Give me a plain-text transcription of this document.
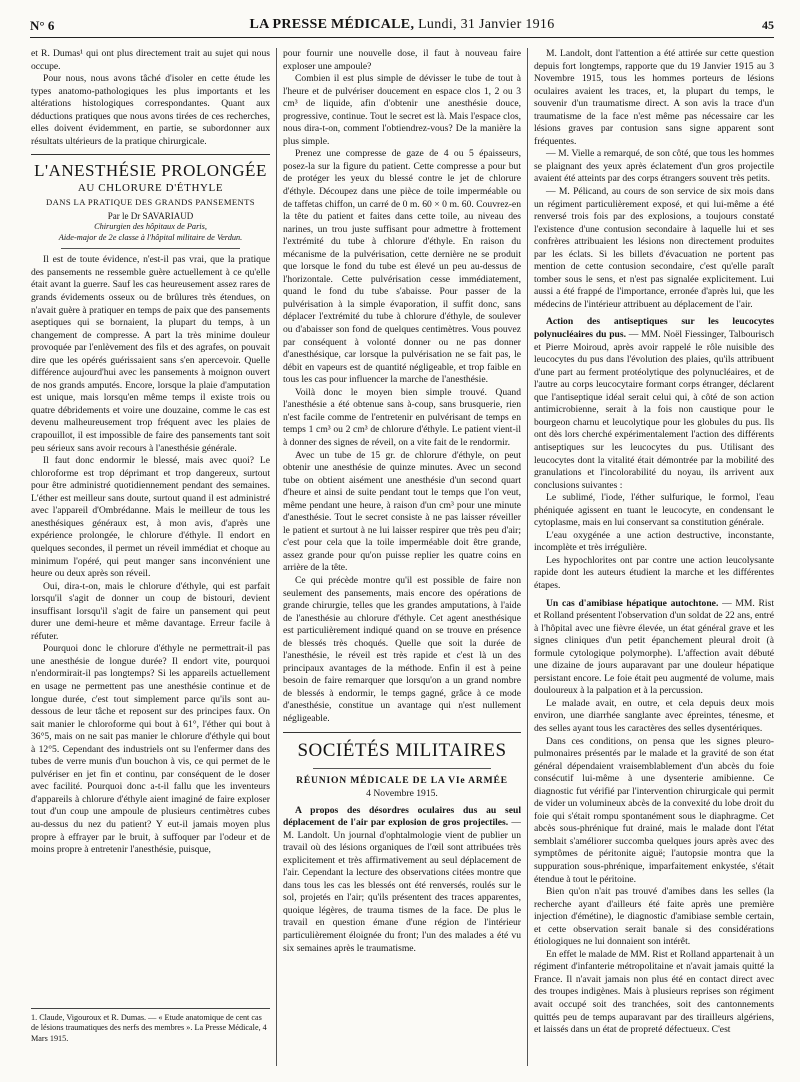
N° 6	LA PRESSE MÉDICALE, Lundi, 31 Janvier 1916	45

et R. Dumas¹ qui ont plus directement trait au sujet qui nous occupe.

Pour nous, nous avons tâché d'isoler en cette étude les types anatomo-pathologiques les plus importants et les altérations histologiques correspondantes. Quant aux déductions pratiques que nous avons tirées de ces recherches, elles doivent évidemment, en partie, se subordonner aux résultats ultérieurs de la pratique chirurgicale.

L'ANESTHÉSIE PROLONGÉE
AU CHLORURE D'ÉTHYLE
DANS LA PRATIQUE DES GRANDS PANSEMENTS
Par le Dr SAVARIAUD
Chirurgien des hôpitaux de Paris,
Aide-major de 2e classe à l'hôpital militaire de Verdun.

Il est de toute évidence, n'est-il pas vrai, que la pratique des pansements ne ressemble guère actuellement à ce qu'elle était avant la guerre. Sauf les cas heureusement assez rares de grands évidements osseux ou de brûlures très étendues, on n'avait guère à pratiquer en temps de paix que des pansements aseptiques qui se bornaient, la plupart du temps, à un changement de compresse. A part la très minime douleur provoquée par l'enlèvement des fils et des agrafes, on pouvait dire que les opérés guérissaient sans s'en apercevoir. Quelle différence aujourd'hui avec les pansements à moignon ouvert de nos grands amputés. Encore, lorsque la plaie d'amputation est unique, mais lorsqu'en même temps il existe trois ou quatre débridements et voire une douzaine, comme le cas est devenu malheureusement trop fréquent avec les plaies de crapouillot, il est impossible de faire des pansements tant soit peu sérieux sans avoir recours à l'anesthésie générale.

Il faut donc endormir le blessé, mais avec quoi? Le chloroforme est trop déprimant et trop dangereux, surtout pour être administré quotidiennement pendant des semaines. L'éther est meilleur sans doute, surtout quand il est administré avec l'appareil d'Ombrédanne. Mais le meilleur de tous les anesthésiques généraux est, à mon avis, d'après une expérience prolongée, le chlorure d'éthyle. Il endort en quelques secondes, il permet un réveil immédiat et choque au minimum l'opéré, qui peut manger sans inconvénient une heure ou deux après son réveil.

Oui, dira-t-on, mais le chlorure d'éthyle, qui est parfait lorsqu'il s'agit de donner un coup de bistouri, devient insuffisant lorsqu'il s'agit de faire un pansement qui peut durer une demi-heure et même davantage. Erreur facile à réfuter.

Pourquoi donc le chlorure d'éthyle ne permettrait-il pas une anesthésie de longue durée? Il endort vite, pourquoi n'endormirait-il pas longtemps? Si les appareils actuellement en usage ne permettent pas une anesthésie continue et de longue durée, c'est tout simplement parce qu'ils sont au-dessous de leur tâche et reposent sur des principes faux. On sait manier le chloroforme qui bout à 61°, l'éther qui bout à 36°5, mais on ne sait pas manier le chlorure d'éthyle qui bout à 12°5. Cependant des industriels ont su l'enfermer dans des tubes de verre munis d'un bouchon à vis, ce qui permet de le pulvériser en jet fin et continu, par conséquent de le doser avec facilité. Pourquoi donc a-t-il fallu que les inventeurs d'appareils à chlorure d'éthyle aient imaginé de faire exploser tout d'un coup une ampoule de plusieurs centimètres cubes au-dessus du nez du patient? Y eut-il jamais moyen plus propre à effrayer par le bruit, à suffoquer par l'odeur et de moins propre à entretenir l'anesthésie, puisque,

1. Claude, Vigouroux et R. Dumas. — « Etude anatomique de cent cas de lésions traumatiques des nerfs des membres ». La Presse Médicale, 4 Mars 1915.

pour fournir une nouvelle dose, il faut à nouveau faire exploser une ampoule?

Combien il est plus simple de dévisser le tube de tout à l'heure et de pulvériser doucement en espace clos 1, 2 ou 3 cm³ de liquide, afin d'obtenir une anesthésie douce, progressive, continue. Tout le secret est là. Mais l'espace clos, nous dira-t-on, comment l'obtiendrez-vous? De la manière la plus simple.

Prenez une compresse de gaze de 4 ou 5 épaisseurs, posez-la sur la figure du patient. Cette compresse a pour but de protéger les yeux du blessé contre le jet de chlorure d'éthyle. Découpez dans une pièce de toile imperméable ou de taffetas chiffon, un carré de 0 m. 60 × 0 m. 60. Couvrez-en la tête du patient et faites dans cette toile, au niveau des narines, un trou juste suffisant pour admettre à frottement l'extrémité du tube à chlorure d'éthyle. En raison du mécanisme de la pulvérisation, cette dernière ne se produit que lorsque le fond du tube est élevé un peu au-dessus de l'horizontale. Cette pulvérisation cesse immédiatement, quand le fond du tube s'abaisse. Pour passer de la pulvérisation à la simple évaporation, il suffit donc, sans déplacer l'extrémité du tube à chlorure d'éthyle, de soulever ou d'abaisser son fond de quelques centimètres. Vous pouvez par conséquent à volonté donner ou ne pas donner d'anesthésique, car lorsque la pulvérisation ne se fait pas, le débit en vapeurs est de quantité négligeable, et trop faible en tous les cas pour influencer la marche de l'anesthésie.

Voilà donc le moyen bien simple trouvé. Quand l'anesthésie a été obtenue sans à-coup, sans brusquerie, rien n'est facile comme de l'entretenir en pulvérisant de temps en temps 1 cm³ ou 2 cm³ de chlorure d'éthyle. Le patient vient-il à donner des signes de réveil, on a vite fait de le rendormir.

Avec un tube de 15 gr. de chlorure d'éthyle, on peut obtenir une anesthésie de quinze minutes. Avec un second tube on obtient aisément une anesthésie d'un second quart d'heure et ainsi de suite pendant tout le temps que l'on veut, même pendant une heure, à raison d'un cm³ pour une minute d'anesthésie. Tout le secret consiste à ne pas laisser réveiller le patient et surtout à ne lui laisser respirer que très peu d'air; c'est pour cela que la toile imperméable doit être grande, assez grande pour qu'on puisse replier les quatre coins en arrière de la tête.

Ce qui précède montre qu'il est possible de faire non seulement des pansements, mais encore des opérations de grande chirurgie, telles que les grandes amputations, à l'aide de l'anesthésie au chlorure d'éthyle. Cet agent anesthésique est particulièrement indiqué quand on se trouve en présence de blessés très choqués. Quelle que soit la durée de l'anesthésie, le réveil est très rapide et c'est là un des principaux avantages de la méthode. Enfin il est à peine besoin de faire remarquer que lorsqu'on a un grand nombre de blessés à endormir, le temps gagné, grâce à ce mode d'anesthésie, constitue un avantage qui n'est nullement négligeable.

SOCIÉTÉS MILITAIRES
RÉUNION MÉDICALE DE LA VIe ARMÉE
4 Novembre 1915.

A propos des désordres oculaires dus au seul déplacement de l'air par explosion de gros projectiles. — M. Landolt. Un journal d'ophtalmologie vient de publier un travail où des lésions organiques de l'œil sont attribuées très explicitement et très affirmativement au seul déplacement de l'air. Cependant la lecture des observations citées montre que dans tous les cas les blessés ont été renversés, roulés sur le sol, projetés en l'air; qu'ils présentent des traces apparentes, quoique légères, de trauma tismes de la face. De plus le travail en question émane d'une région de l'intérieur particulièrement éloignée du front; l'un des malades a été vu six semaines après le traumatisme.

M. Landolt, dont l'attention a été attirée sur cette question depuis fort longtemps, rapporte que du 19 Janvier 1915 au 3 Novembre 1915, tous les hommes porteurs de lésions oculaires avaient les traces, et, la plupart du temps, le souvenir d'un traumatisme direct. A son avis la trace d'un traumatisme de la face n'est même pas nécessaire car les lésions graves par contusion sans signe apparent sont fréquentes.

— M. Vielle a remarqué, de son côté, que tous les hommes se plaignant des yeux après éclatement d'un gros projectile avaient été atteints par des corps étrangers souvent très petits.

— M. Pélicand, au cours de son service de six mois dans un régiment particulièrement exposé, et qui lui-même a été renversé trois fois par des explosions, a toujours constaté l'existence d'une contusion secondaire à laquelle lui et ses confrères attribuaient les lésions non directement produites par les éclats. Si les billets d'évacuation ne portent pas mention de cette contusion secondaire, c'est qu'elle paraît tomber sous le sens, et n'est pas signalée explicitement. Lui aussi a été frappé de l'importance, erronée d'après lui, que les médecins de l'intérieur attribuent au déplacement de l'air.

Action des antiseptiques sur les leucocytes polynucléaires du pus. — MM. Noël Fiessinger, Talbourisch et Pierre Moiroud, après avoir rappelé le rôle nuisible des leucocytes du pus dans l'évolution des plaies, qu'ils attribuent d'une part au ferment protéolytique des polynucléaires, et de l'autre au corps leucocytaire formant corps étranger, déclarent que l'antiseptique idéal serait celui qui, à côté de son action antimicrobienne, serait à la fois non caustique pour le bourgeon charnu et leucolytique pour les globules du pus. Ils ont dès lors cherché expérimentalement l'action des différents antiseptiques sur les leucocytes du pus. Utilisant des leucocytes dont la vitalité était démontrée par la mobilité des granulations et l'incolorabilité du noyau, ils arrivent aux conclusions suivantes :

Le sublimé, l'iode, l'éther sulfurique, le formol, l'eau phéniquée agissent en tuant le leucocyte, en condensant le cytoplasme, mais en lui conservant sa constitution générale.

L'eau oxygénée a une action destructive, inconstante, incomplète et très irrégulière.

Les hypochlorites ont par contre une action leucolysante rapide dont les auteurs étudient la marche et les différentes étapes.

Un cas d'amibiase hépatique autochtone. — MM. Rist et Rolland présentent l'observation d'un soldat de 22 ans, entré à l'hôpital avec une fièvre élevée, un état général grave et les signes cliniques d'un petit épanchement pleural droit (à formule cytologique polymorphe). L'affection avait débuté une dizaine de jours auparavant par une douleur hépatique persistant encore. Le foie était peu augmenté de volume, mais douloureux à la palpation et à la percussion.

Le malade avait, en outre, et cela depuis deux mois environ, une diarrhée sanglante avec épreintes, ténesme, et des selles ayant tous les caractères des selles dysentériques.

Dans ces conditions, on pensa que les signes pleuro-pulmonaires présentés par le malade et la gravité de son état général dépendaient vraisemblablement d'un abcès du foie consécutif lui-même à une dysenterie amibienne. Ce diagnostic fut vérifié par l'intervention chirurgicale qui permit de vider un volumineux abcès de la convexité du lobe droit du foie qui s'était rompu spontanément sous le diaphragme. Cet abcès sous-phrénique fut drainé, mais le malade dont l'état semblait s'améliorer succomba quelques jours après avec des symptômes de péritonite aiguë; l'autopsie montra que la suppuration sous-phrénique, imparfaitement enkystée, s'était étendue à tout le péritoine.

Bien qu'on n'ait pas trouvé d'amibes dans les selles (la recherche ayant d'ailleurs été faite après une première injection d'émétine), le diagnostic d'amibiase semble certain, et cette observation serait banale si des considérations étiologiques ne lui donnaient son intérêt.

En effet le malade de MM. Rist et Rolland appartenait à un régiment d'infanterie métropolitaine et n'avait jamais quitté la France. Il n'avait jamais non plus été en contact direct avec des troupes indigènes. Mais à plusieurs reprises son régiment avait occupé soit des tranchées, soit des cantonnements quittés peu de temps auparavant par des tirailleurs algériens, et laissés dans un état de propreté défectueux. C'est
